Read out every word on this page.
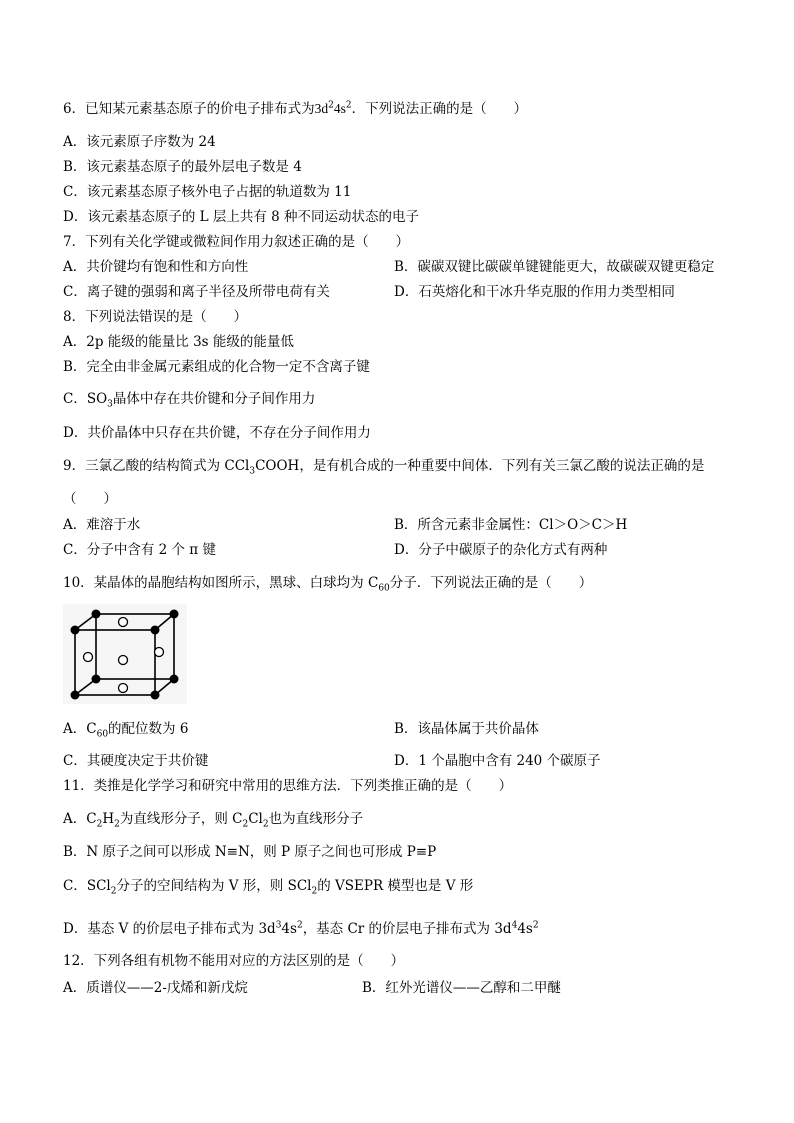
6．已知某元素基态原子的价电子排布式为$3d^24s^2$．下列说法正确的是（　　）
A．该元素原子序数为 24
B．该元素基态原子的最外层电子数是 4
C．该元素基态原子核外电子占据的轨道数为 11
D．该元素基态原子的 L 层上共有 8 种不同运动状态的电子
7．下列有关化学键或微粒间作用力叙述正确的是（　　）
A．共价键均有饱和性和方向性	B．碳碳双键比碳碳单键键能更大，故碳碳双键更稳定
C．离子键的强弱和离子半径及所带电荷有关	D．石英熔化和干冰升华克服的作用力类型相同
8．下列说法错误的是（　　）
A．2p 能级的能量比 3s 能级的能量低
B．完全由非金属元素组成的化合物一定不含离子键
C．$SO_3$晶体中存在共价键和分子间作用力
D．共价晶体中只存在共价键，不存在分子间作用力
9．三氯乙酸的结构简式为 CCl$_3$COOH，是有机合成的一种重要中间体．下列有关三氯乙酸的说法正确的是
（　　）
A．难溶于水	B．所含元素非金属性：Cl＞O＞C＞H
C．分子中含有 2 个 π 键	D．分子中碳原子的杂化方式有两种
10．某晶体的晶胞结构如图所示，黑球、白球均为 $C_{60}$分子．下列说法正确的是（　　）
A．$C_{60}$的配位数为 6	B．该晶体属于共价晶体
C．其硬度决定于共价键	D．1 个晶胞中含有 240 个碳原子
11．类推是化学学习和研究中常用的思维方法．下列类推正确的是（　　）
A．$C_2H_2$为直线形分子，则 $C_2Cl_2$也为直线形分子
B．N 原子之间可以形成 N≡N，则 P 原子之间也可形成 P≡P
C．SCl$_2$分子的空间结构为 V 形，则 SCl$_2$的 VSEPR 模型也是 V 形
D．基态 V 的价层电子排布式为 $3d^34s^2$，基态 Cr 的价层电子排布式为 $3d^44s^2$
12．下列各组有机物不能用对应的方法区别的是（　　）
A．质谱仪——2-戊烯和新戊烷	B．红外光谱仪——乙醇和二甲醚
